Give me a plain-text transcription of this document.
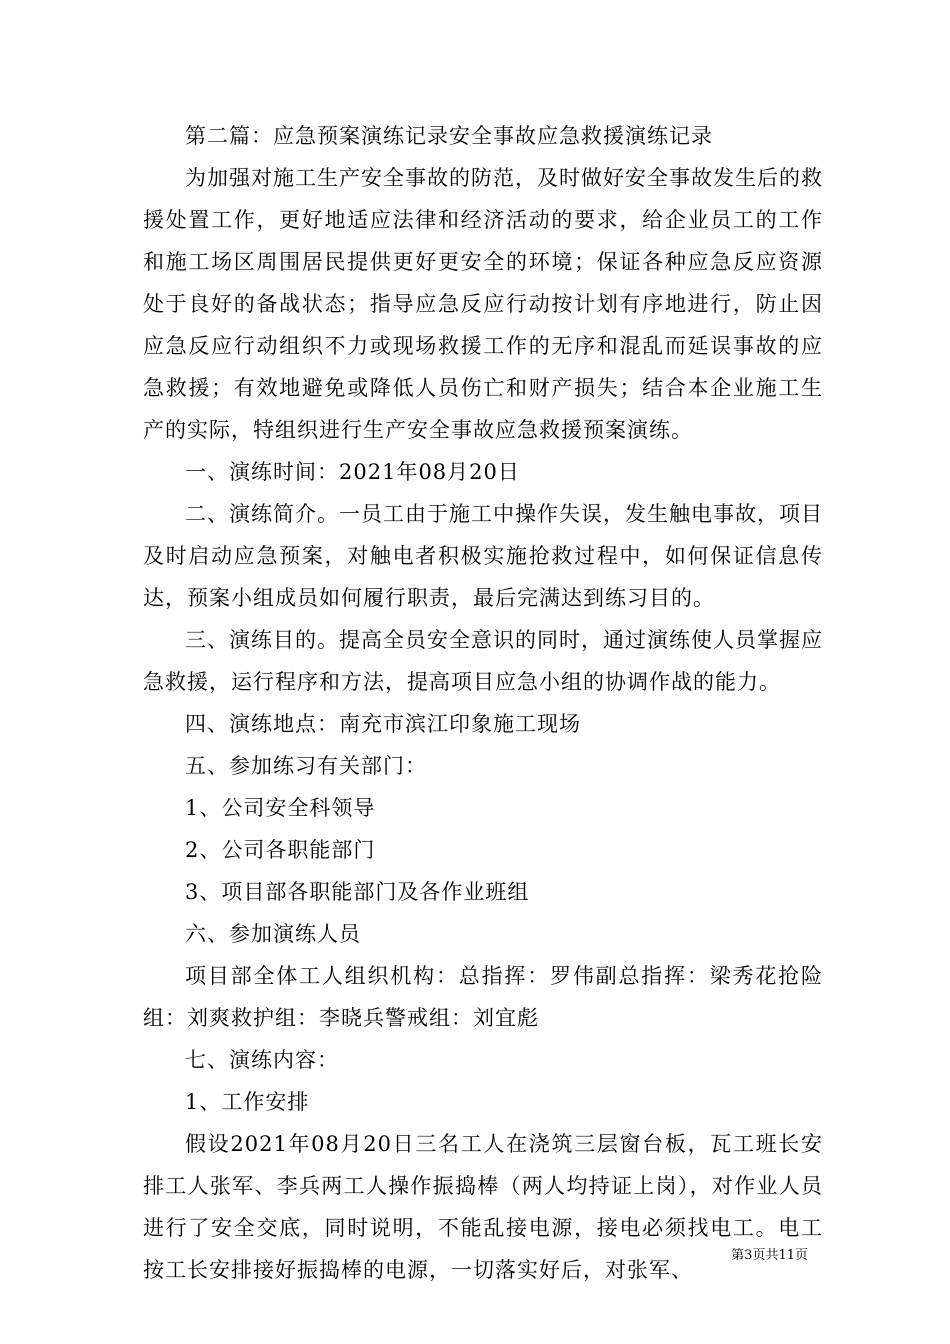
第二篇：应急预案演练记录安全事故应急救援演练记录

为加强对施工生产安全事故的防范，及时做好安全事故发生后的救援处置工作，更好地适应法律和经济活动的要求，给企业员工的工作和施工场区周围居民提供更好更安全的环境；保证各种应急反应资源处于良好的备战状态；指导应急反应行动按计划有序地进行，防止因应急反应行动组织不力或现场救援工作的无序和混乱而延误事故的应急救援；有效地避免或降低人员伤亡和财产损失；结合本企业施工生产的实际，特组织进行生产安全事故应急救援预案演练。

一、演练时间：2021年08月20日

二、演练简介。一员工由于施工中操作失误，发生触电事故，项目及时启动应急预案，对触电者积极实施抢救过程中，如何保证信息传达，预案小组成员如何履行职责，最后完满达到练习目的。

三、演练目的。提高全员安全意识的同时，通过演练使人员掌握应急救援，运行程序和方法，提高项目应急小组的协调作战的能力。

四、演练地点：南充市滨江印象施工现场

五、参加练习有关部门：

1、公司安全科领导

2、公司各职能部门

3、项目部各职能部门及各作业班组

六、参加演练人员

项目部全体工人组织机构：总指挥：罗伟副总指挥：梁秀花抢险组：刘爽救护组：李晓兵警戒组：刘宜彪

七、演练内容：

1、工作安排

假设2021年08月20日三名工人在浇筑三层窗台板，瓦工班长安排工人张军、李兵两工人操作振捣棒（两人均持证上岗），对作业人员进行了安全交底，同时说明，不能乱接电源，接电必须找电工。电工按工长安排接好振捣棒的电源，一切落实好后，对张军、

第3页共11页
